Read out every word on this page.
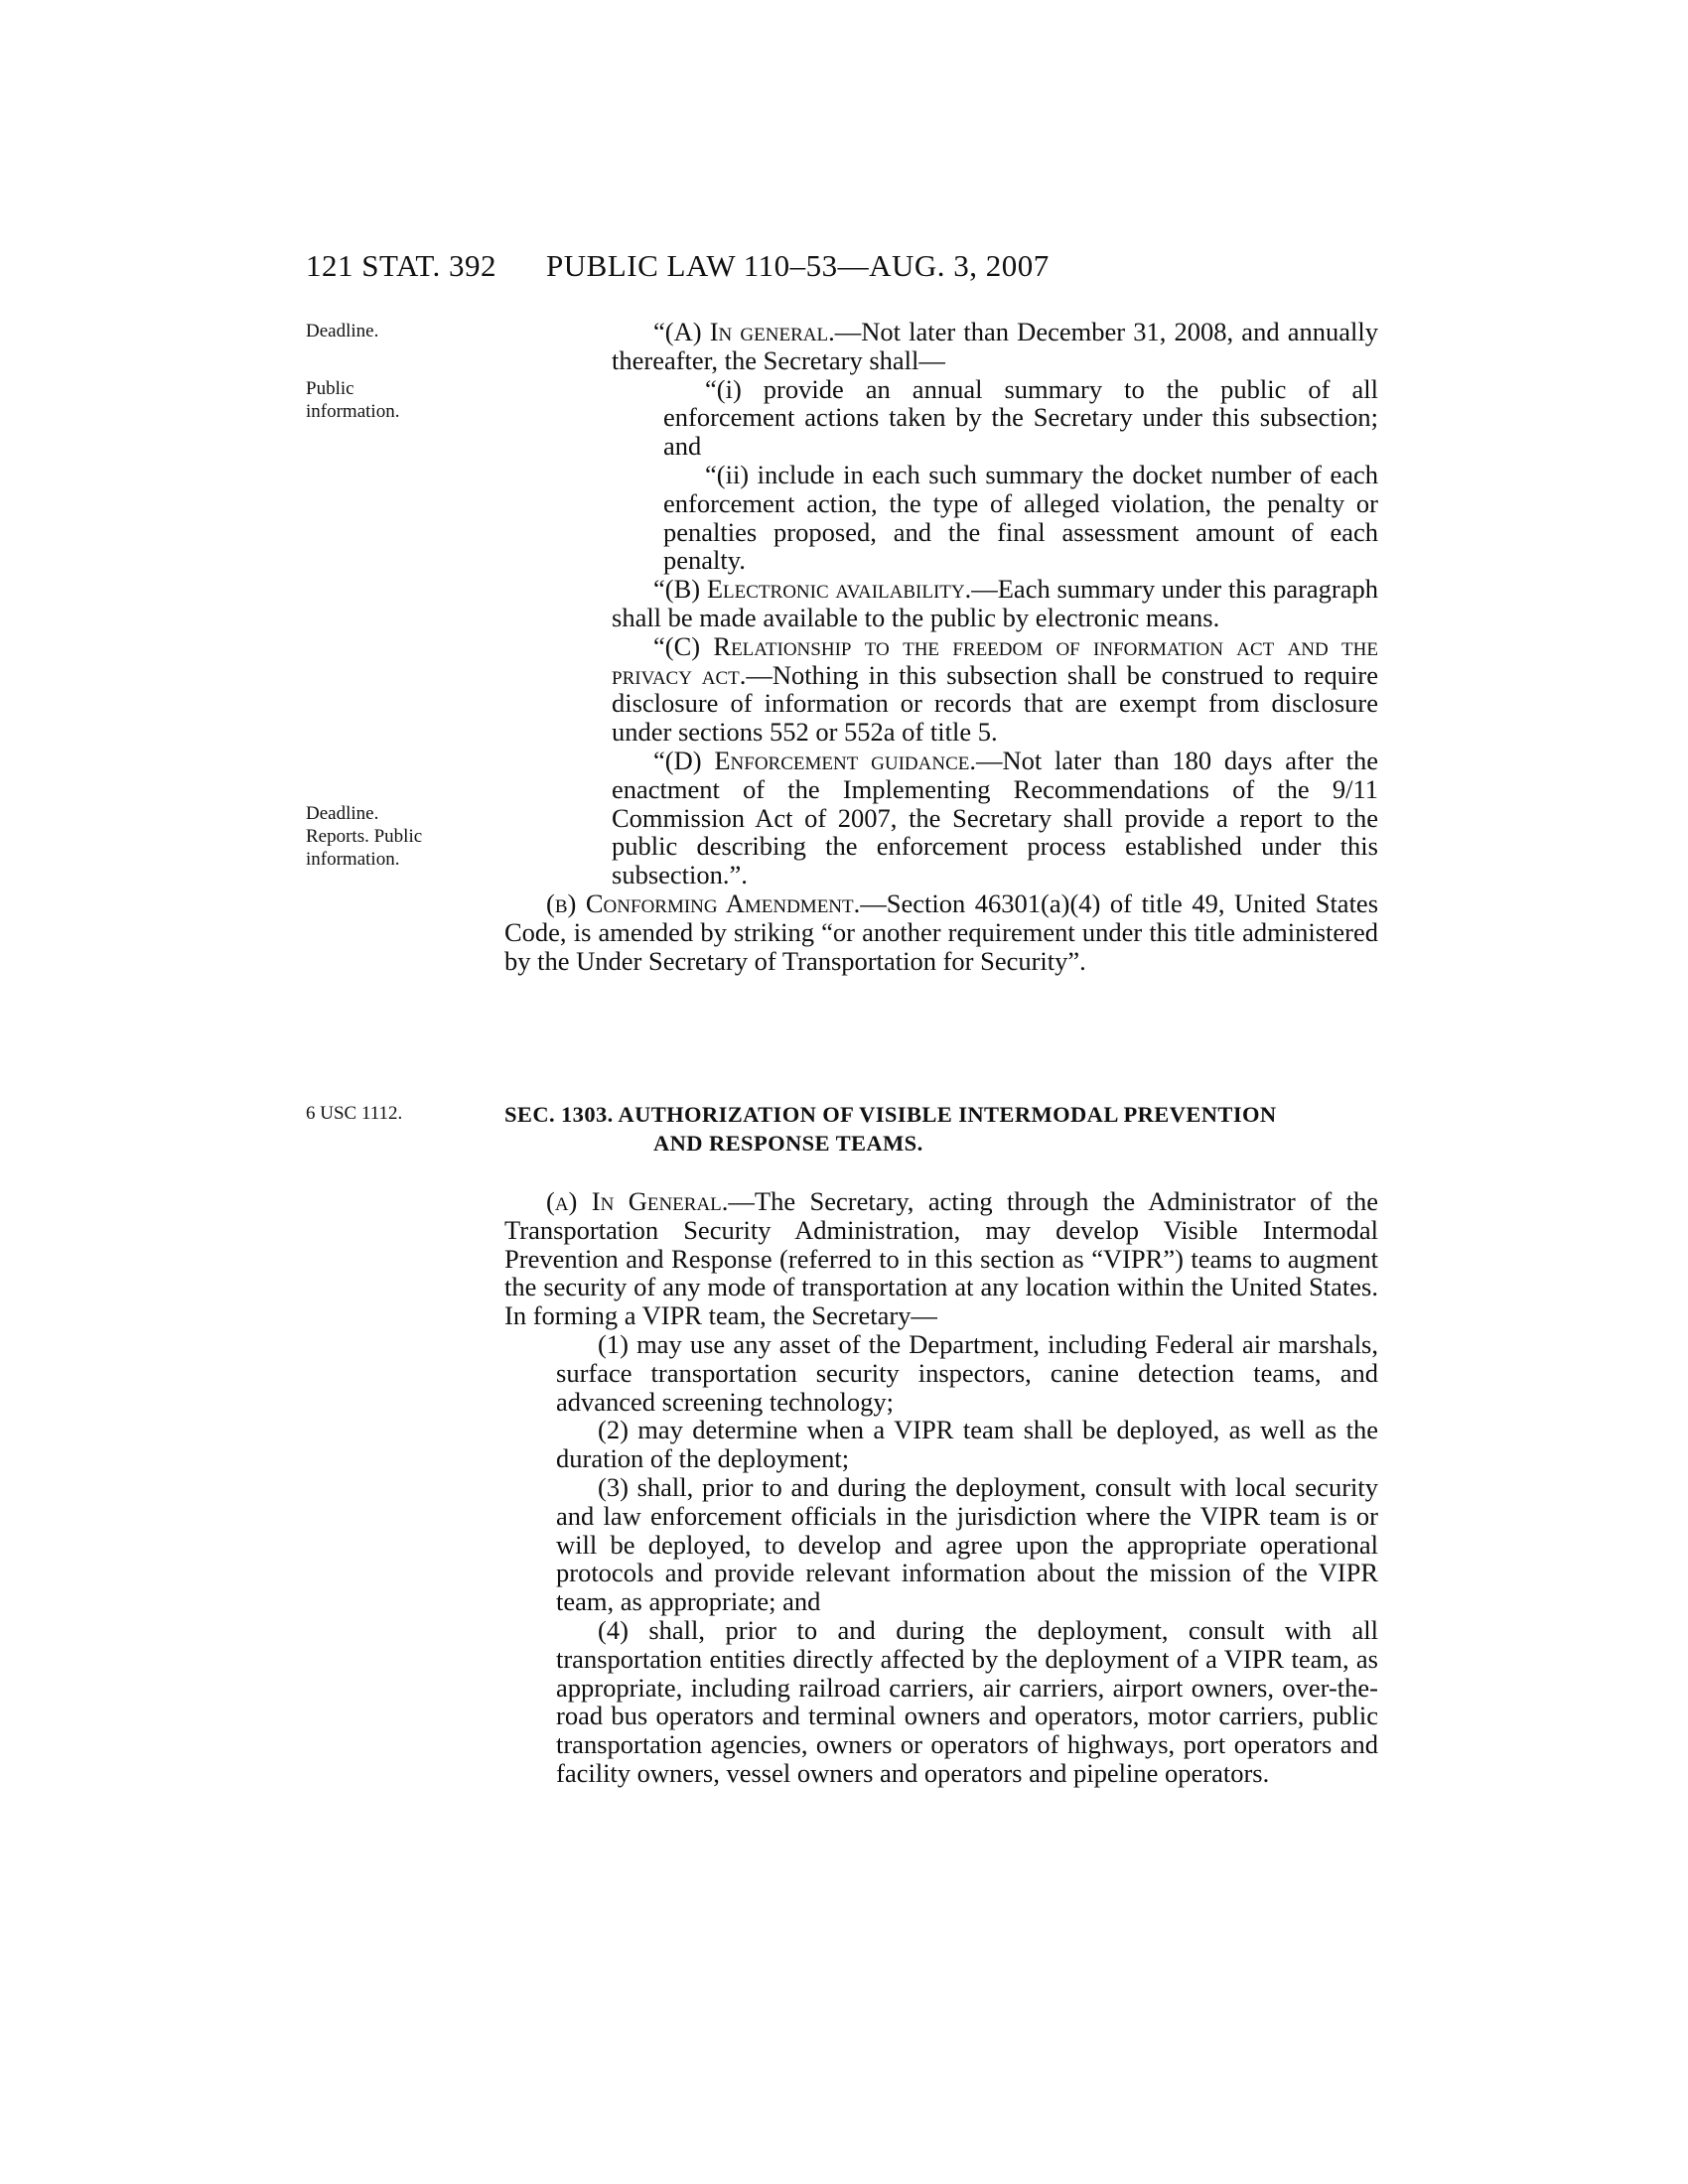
121 STAT. 392 PUBLIC LAW 110–53—AUG. 3, 2007
Deadline.
Public information.
Deadline. Reports. Public information.
6 USC 1112.

“(A) In general.—Not later than December 31, 2008, and annually thereafter, the Secretary shall—

“(i) provide an annual summary to the public of all enforcement actions taken by the Secretary under this subsection; and

“(ii) include in each such summary the docket number of each enforcement action, the type of alleged violation, the penalty or penalties proposed, and the final assessment amount of each penalty.

“(B) Electronic availability.—Each summary under this paragraph shall be made available to the public by electronic means.

“(C) Relationship to the freedom of information act and the privacy act.—Nothing in this subsection shall be construed to require disclosure of information or records that are exempt from disclosure under sections 552 or 552a of title 5.

“(D) Enforcement guidance.—Not later than 180 days after the enactment of the Implementing Recommendations of the 9/11 Commission Act of 2007, the Secretary shall provide a report to the public describing the enforcement process established under this subsection.”.

(b) Conforming Amendment.—Section 46301(a)(4) of title 49, United States Code, is amended by striking “or another requirement under this title administered by the Under Secretary of Transportation for Security”.

SEC. 1303. AUTHORIZATION OF VISIBLE INTERMODAL PREVENTION
AND RESPONSE TEAMS.

(a) In General.—The Secretary, acting through the Administrator of the Transportation Security Administration, may develop Visible Intermodal Prevention and Response (referred to in this section as “VIPR”) teams to augment the security of any mode of transportation at any location within the United States. In forming a VIPR team, the Secretary—

(1) may use any asset of the Department, including Federal air marshals, surface transportation security inspectors, canine detection teams, and advanced screening technology;

(2) may determine when a VIPR team shall be deployed, as well as the duration of the deployment;

(3) shall, prior to and during the deployment, consult with local security and law enforcement officials in the jurisdiction where the VIPR team is or will be deployed, to develop and agree upon the appropriate operational protocols and provide relevant information about the mission of the VIPR team, as appropriate; and

(4) shall, prior to and during the deployment, consult with all transportation entities directly affected by the deployment of a VIPR team, as appropriate, including railroad carriers, air carriers, airport owners, over-the-road bus operators and terminal owners and operators, motor carriers, public transportation agencies, owners or operators of highways, port operators and facility owners, vessel owners and operators and pipeline operators.
